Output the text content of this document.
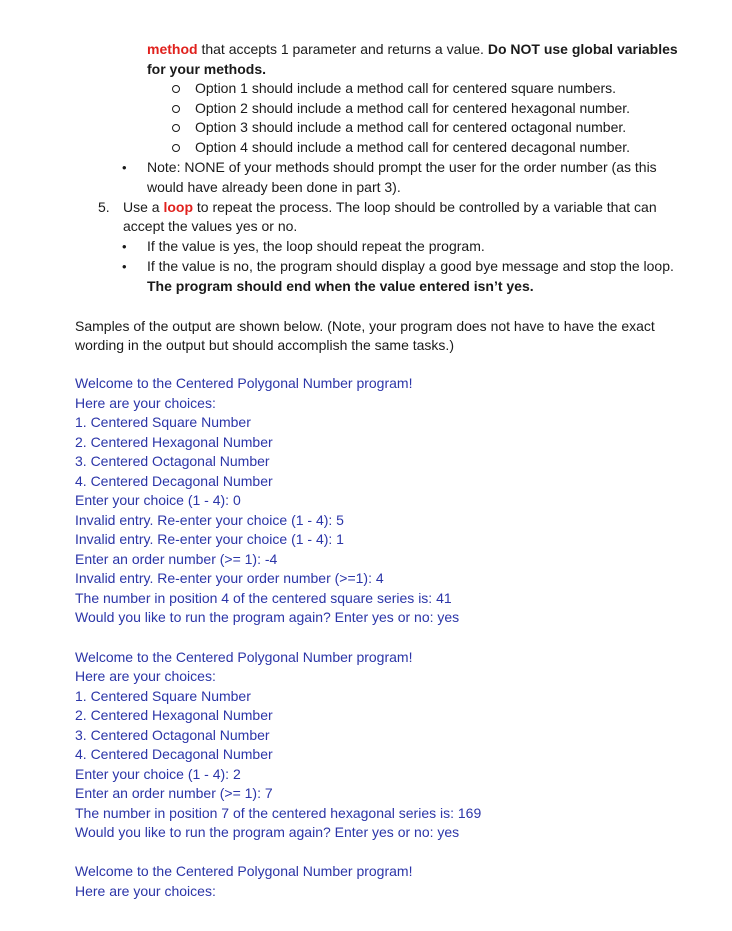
method that accepts 1 parameter and returns a value. Do NOT use global variables
for your methods.
Option 1 should include a method call for centered square numbers.
Option 2 should include a method call for centered hexagonal number.
Option 3 should include a method call for centered octagonal number.
Option 4 should include a method call for centered decagonal number.
• Note: NONE of your methods should prompt the user for the order number (as this
would have already been done in part 3).
5. Use a loop to repeat the process. The loop should be controlled by a variable that can
accept the values yes or no.
• If the value is yes, the loop should repeat the program.
• If the value is no, the program should display a good bye message and stop the loop.
The program should end when the value entered isn’t yes.
Samples of the output are shown below. (Note, your program does not have to have the exact
wording in the output but should accomplish the same tasks.)
Welcome to the Centered Polygonal Number program!
Here are your choices:
1. Centered Square Number
2. Centered Hexagonal Number
3. Centered Octagonal Number
4. Centered Decagonal Number
Enter your choice (1 - 4): 0
Invalid entry. Re-enter your choice (1 - 4): 5
Invalid entry. Re-enter your choice (1 - 4): 1
Enter an order number (>= 1): -4
Invalid entry. Re-enter your order number (>=1): 4
The number in position 4 of the centered square series is: 41
Would you like to run the program again? Enter yes or no: yes
Welcome to the Centered Polygonal Number program!
Here are your choices:
1. Centered Square Number
2. Centered Hexagonal Number
3. Centered Octagonal Number
4. Centered Decagonal Number
Enter your choice (1 - 4): 2
Enter an order number (>= 1): 7
The number in position 7 of the centered hexagonal series is: 169
Would you like to run the program again? Enter yes or no: yes
Welcome to the Centered Polygonal Number program!
Here are your choices:
